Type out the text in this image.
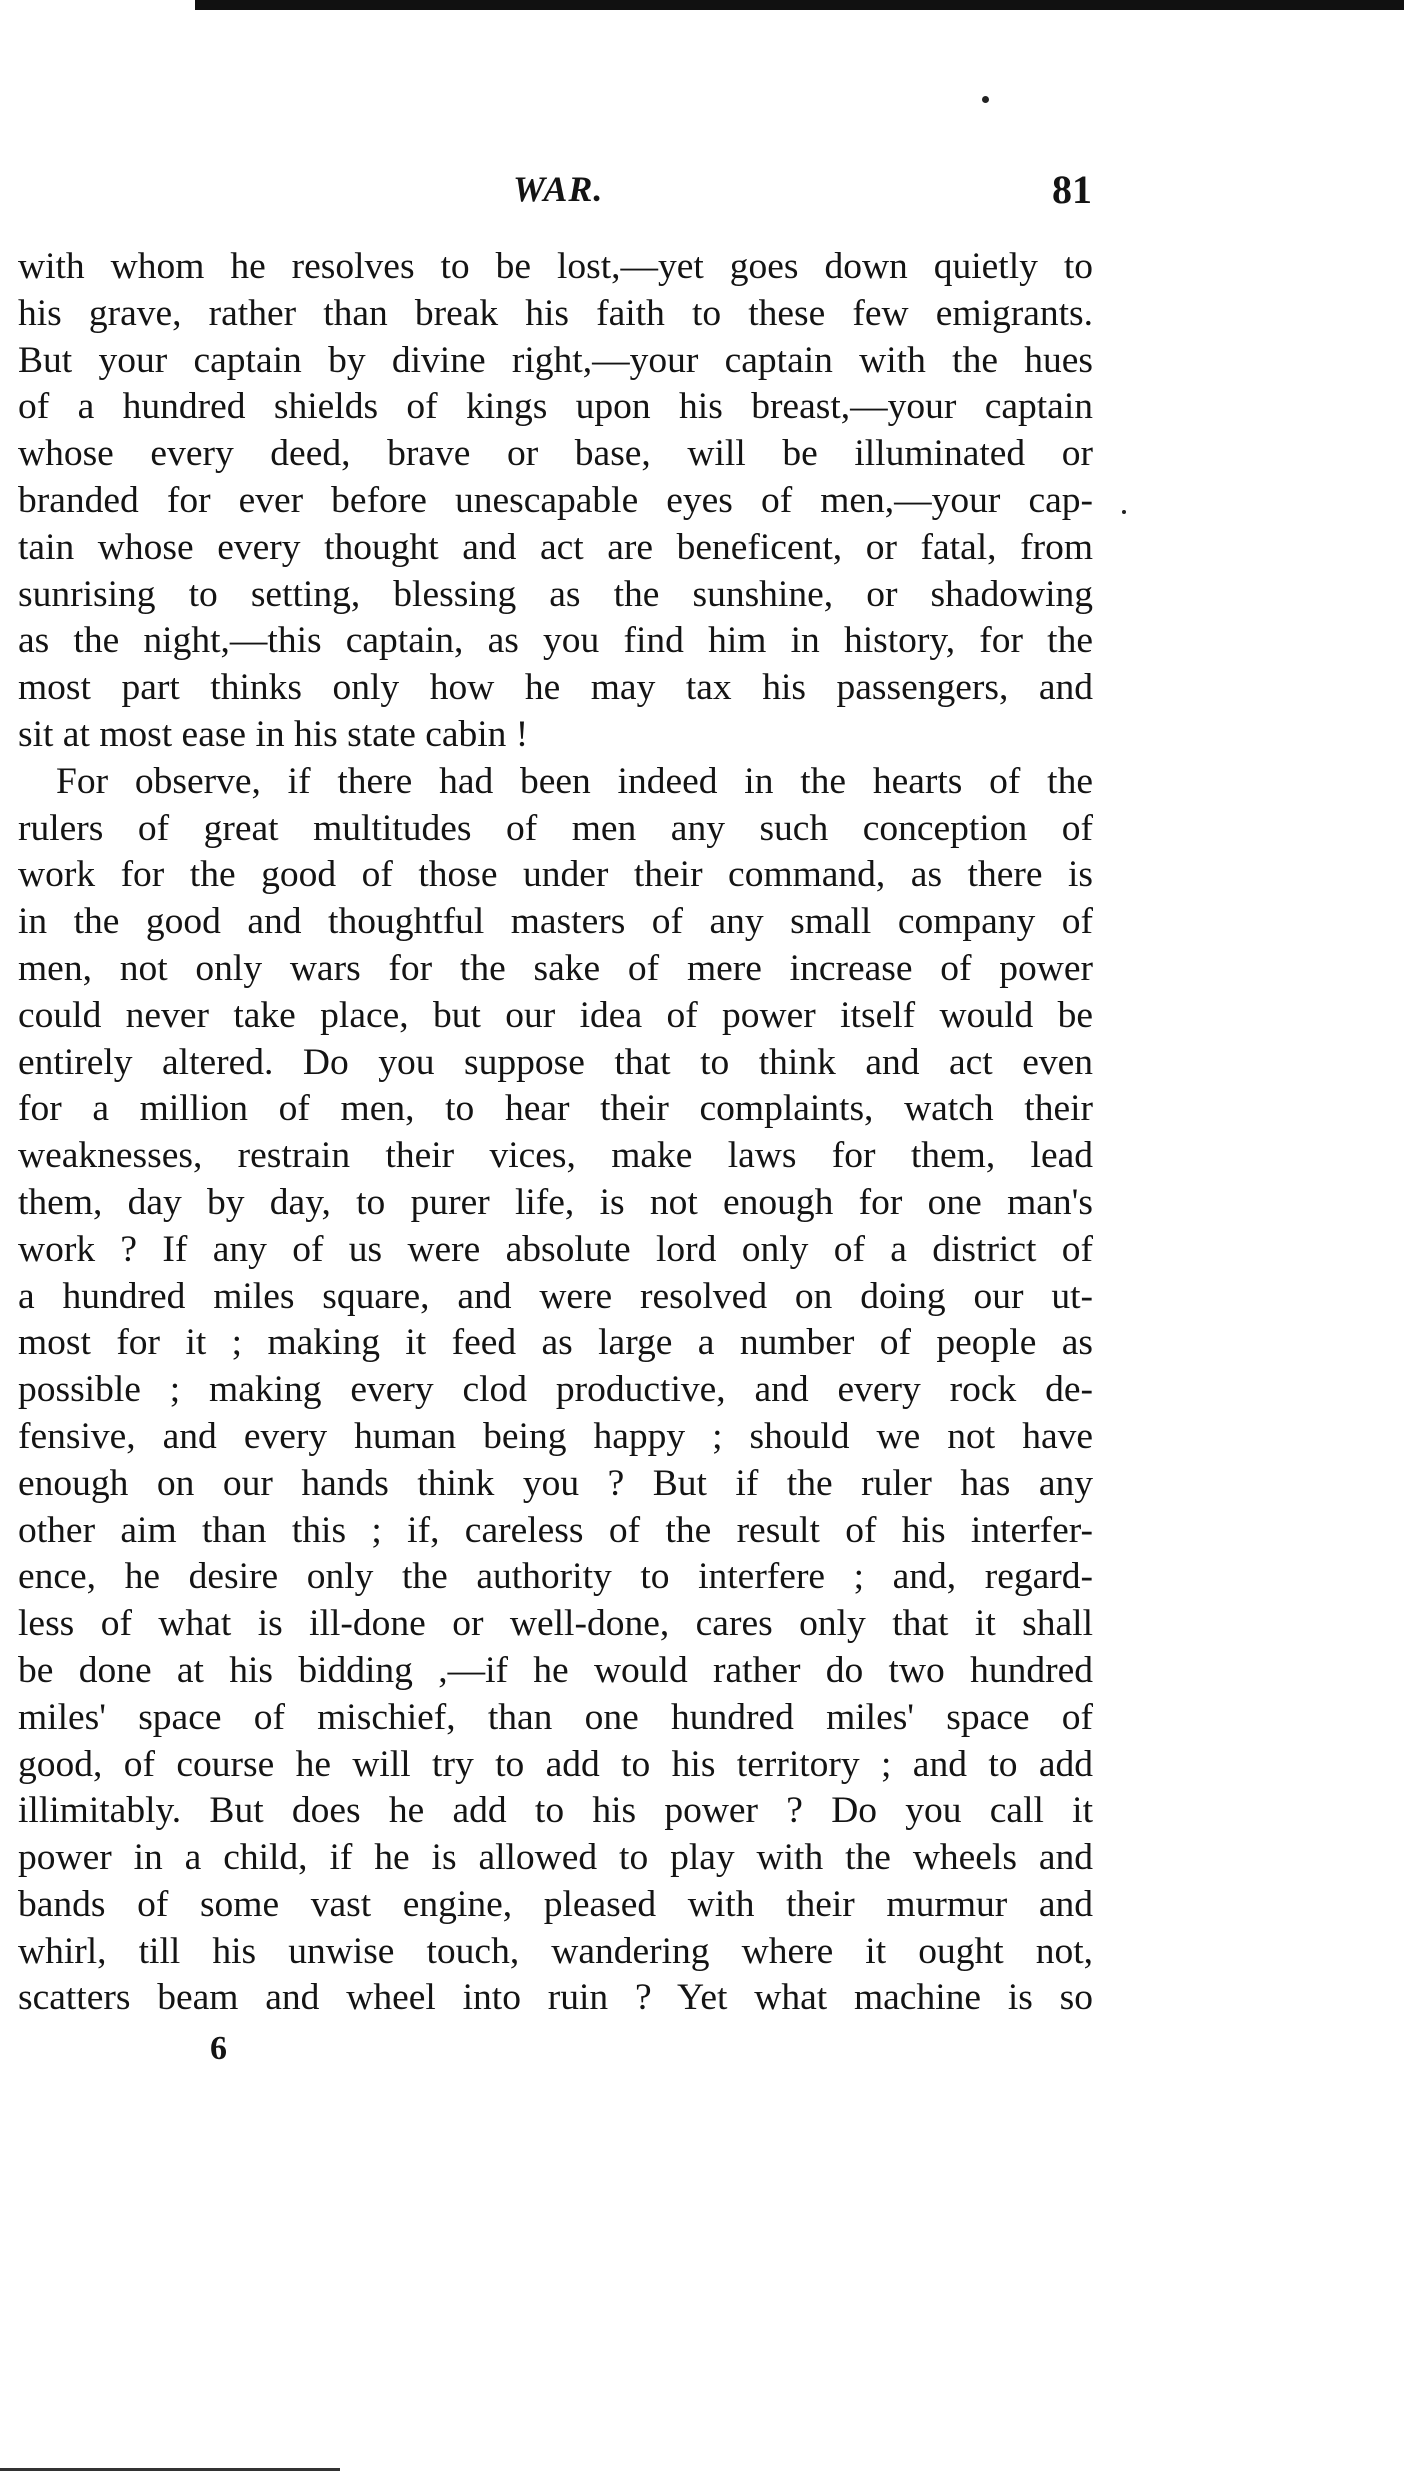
WAR.	81

with whom he resolves to be lost,—yet goes down quietly to
his grave, rather than break his faith to these few emigrants.
But your captain by divine right,—your captain with the hues
of a hundred shields of kings upon his breast,—your captain
whose every deed, brave or base, will be illuminated or
branded for ever before unescapable eyes of men,—your cap-
tain whose every thought and act are beneficent, or fatal, from
sunrising to setting, blessing as the sunshine, or shadowing
as the night,—this captain, as you find him in history, for the
most part thinks only how he may tax his passengers, and
sit at most ease in his state cabin !

For observe, if there had been indeed in the hearts of the
rulers of great multitudes of men any such conception of
work for the good of those under their command, as there is
in the good and thoughtful masters of any small company of
men, not only wars for the sake of mere increase of power
could never take place, but our idea of power itself would be
entirely altered. Do you suppose that to think and act even
for a million of men, to hear their complaints, watch their
weaknesses, restrain their vices, make laws for them, lead
them, day by day, to purer life, is not enough for one man's
work ? If any of us were absolute lord only of a district of
a hundred miles square, and were resolved on doing our ut-
most for it ; making it feed as large a number of people as
possible ; making every clod productive, and every rock de-
fensive, and every human being happy ; should we not have
enough on our hands think you ? But if the ruler has any
other aim than this ; if, careless of the result of his interfer-
ence, he desire only the authority to interfere ; and, regard-
less of what is ill-done or well-done, cares only that it shall
be done at his bidding ,—if he would rather do two hundred
miles' space of mischief, than one hundred miles' space of
good, of course he will try to add to his territory ; and to add
illimitably. But does he add to his power ? Do you call it
power in a child, if he is allowed to play with the wheels and
bands of some vast engine, pleased with their murmur and
whirl, till his unwise touch, wandering where it ought not,
scatters beam and wheel into ruin ? Yet what machine is so

6
